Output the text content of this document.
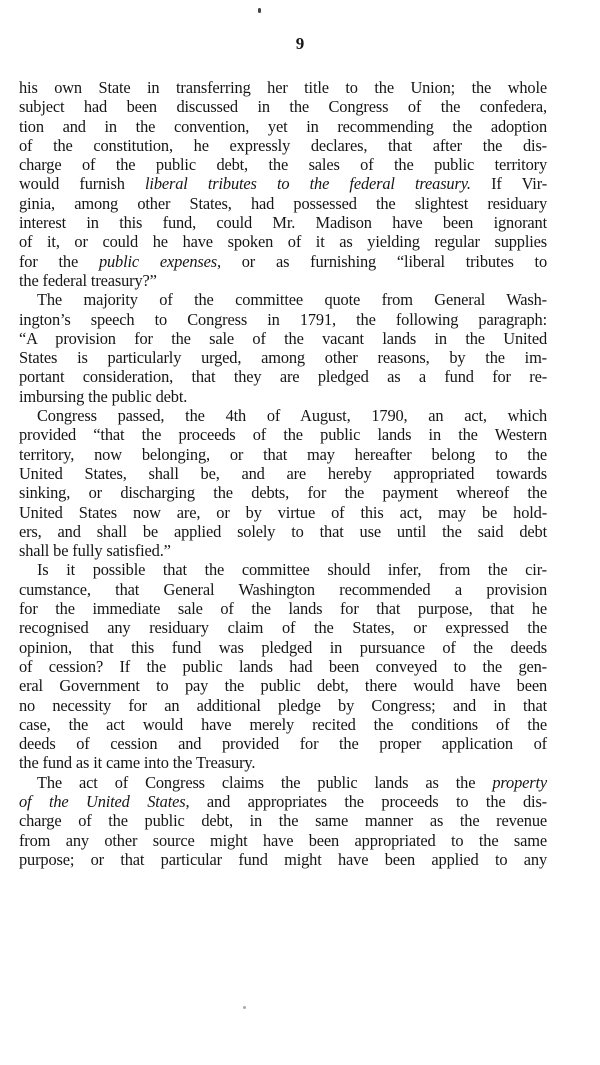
9
his own State in transferring her title to the Union; the whole
subject had been discussed in the Congress of the confedera,
tion and in the convention, yet in recommending the adoption
of the constitution, he expressly declares, that after the dis-
charge of the public debt, the sales of the public territory
would furnish liberal tributes to the federal treasury. If Vir-
ginia, among other States, had possessed the slightest residuary
interest in this fund, could Mr. Madison have been ignorant
of it, or could he have spoken of it as yielding regular supplies
for the public expenses, or as furnishing “liberal tributes to
the federal treasury?”
The majority of the committee quote from General Wash-
ington’s speech to Congress in 1791, the following paragraph:
“A provision for the sale of the vacant lands in the United
States is particularly urged, among other reasons, by the im-
portant consideration, that they are pledged as a fund for re-
imbursing the public debt.
Congress passed, the 4th of August, 1790, an act, which
provided “that the proceeds of the public lands in the Western
territory, now belonging, or that may hereafter belong to the
United States, shall be, and are hereby appropriated towards
sinking, or discharging the debts, for the payment whereof the
United States now are, or by virtue of this act, may be hold-
ers, and shall be applied solely to that use until the said debt
shall be fully satisfied.”
Is it possible that the committee should infer, from the cir-
cumstance, that General Washington recommended a provision
for the immediate sale of the lands for that purpose, that he
recognised any residuary claim of the States, or expressed the
opinion, that this fund was pledged in pursuance of the deeds
of cession? If the public lands had been conveyed to the gen-
eral Government to pay the public debt, there would have been
no necessity for an additional pledge by Congress; and in that
case, the act would have merely recited the conditions of the
deeds of cession and provided for the proper application of
the fund as it came into the Treasury.
The act of Congress claims the public lands as the property
of the United States, and appropriates the proceeds to the dis-
charge of the public debt, in the same manner as the revenue
from any other source might have been appropriated to the same
purpose; or that particular fund might have been applied to any
